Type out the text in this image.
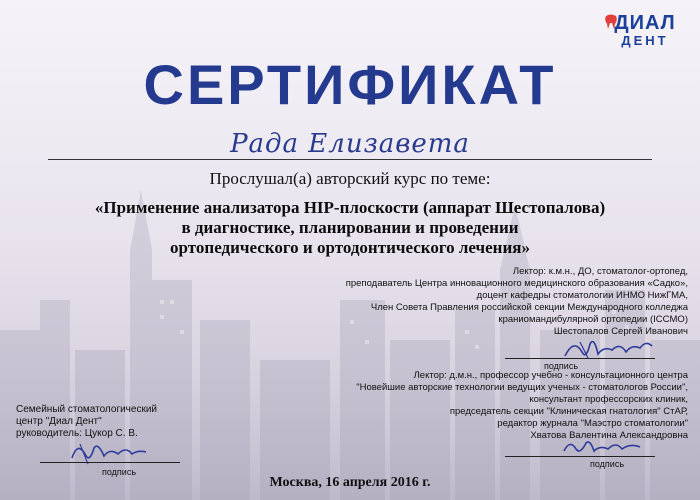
ДИАЛ
ДЕНТ
СЕРТИФИКАТ
Рада Елизавета
Прослушал(а) авторский курс по теме:
«Применение анализатора HIP-плоскости (аппарат Шестопалова)
в диагностике, планировании и проведении
ортопедического и ортодонтического лечения»
Лектор: к.м.н., ДО, стоматолог-ортопед,
преподаватель Центра инновационного медицинского образования «Садко»,
доцент кафедры стоматологии ИНМО НижГМА,
Член Совета Правления российской секции Международного колледжа
краниомандибулярной ортопедии (ICCMO)
Шестопалов Сергей Иванович
подпись
Лектор: д.м.н., профессор учебно - консультационного центра
"Новейшие авторские технологии ведущих ученых - стоматологов России",
консультант профессорских клиник,
председатель секции "Клиническая гнатология" СтАР,
редактор журнала "Маэстро стоматологии"
Хватова Валентина Александровна
подпись
Семейный стоматологический
центр "Диал Дент"
руководитель: Цукор С. В.
подпись
Москва, 16 апреля 2016 г.
